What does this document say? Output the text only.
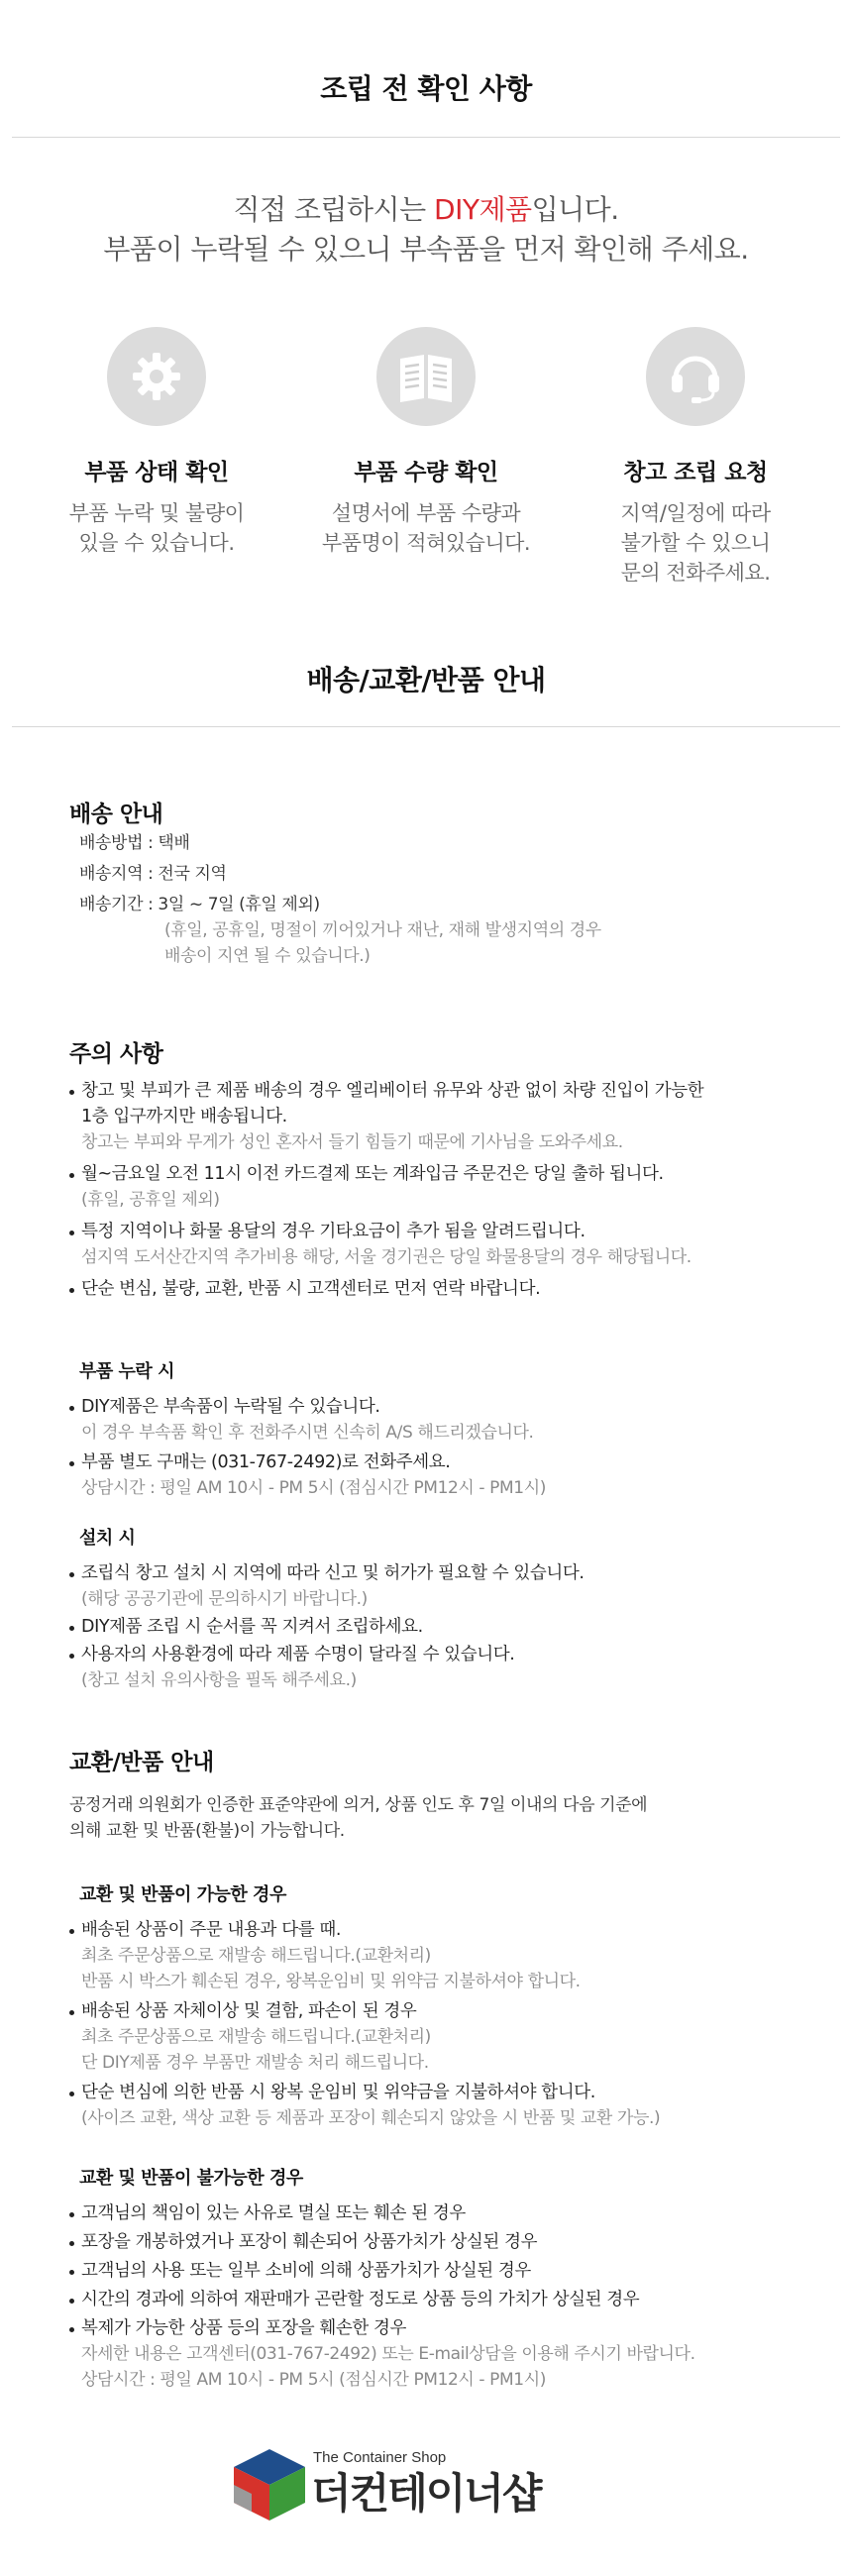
조립 전 확인 사항
직접 조립하시는 DIY제품입니다.
부품이 누락될 수 있으니 부속품을 먼저 확인해 주세요.
부품 상태 확인
부품 누락 및 불량이
있을 수 있습니다.
부품 수량 확인
설명서에 부품 수량과
부품명이 적혀있습니다.
창고 조립 요청
지역/일정에 따라
불가할 수 있으니
문의 전화주세요.
배송/교환/반품 안내
배송 안내
배송방법 : 택배
배송지역 : 전국 지역
배송기간 : 3일 ~ 7일 (휴일 제외)
(휴일, 공휴일, 명절이 끼어있거나 재난, 재해 발생지역의 경우
배송이 지연 될 수 있습니다.)
주의 사항
창고 및 부피가 큰 제품 배송의 경우 엘리베이터 유무와 상관 없이 차량 진입이 가능한
1층 입구까지만 배송됩니다.
창고는 부피와 무게가 성인 혼자서 들기 힘들기 때문에 기사님을 도와주세요.
월~금요일 오전 11시 이전 카드결제 또는 계좌입금 주문건은 당일 출하 됩니다.
(휴일, 공휴일 제외)
특정 지역이나 화물 용달의 경우 기타요금이 추가 됨을 알려드립니다.
섬지역 도서산간지역 추가비용 해당, 서울 경기권은 당일 화물용달의 경우 해당됩니다.
단순 변심, 불량, 교환, 반품 시 고객센터로 먼저 연락 바랍니다.
부품 누락 시
DIY제품은 부속품이 누락될 수 있습니다.
이 경우 부속품 확인 후 전화주시면 신속히 A/S 해드리겠습니다.
부품 별도 구매는 (031-767-2492)로 전화주세요.
상담시간 : 평일 AM 10시 - PM 5시 (점심시간 PM12시 - PM1시)
설치 시
조립식 창고 설치 시 지역에 따라 신고 및 허가가 필요할 수 있습니다.
(해당 공공기관에 문의하시기 바랍니다.)
DIY제품 조립 시 순서를 꼭 지켜서 조립하세요.
사용자의 사용환경에 따라 제품 수명이 달라질 수 있습니다.
(창고 설치 유의사항을 필독 해주세요.)
교환/반품 안내
공정거래 의원회가 인증한 표준약관에 의거, 상품 인도 후 7일 이내의 다음 기준에
의해 교환 및 반품(환불)이 가능합니다.
교환 및 반품이 가능한 경우
배송된 상품이 주문 내용과 다를 때.
최초 주문상품으로 재발송 해드립니다.(교환처리)
반품 시 박스가 훼손된 경우, 왕복운임비 및 위약금 지불하셔야 합니다.
배송된 상품 자체이상 및 결함, 파손이 된 경우
최초 주문상품으로 재발송 해드립니다.(교환처리)
단 DIY제품 경우 부품만 재발송 처리 해드립니다.
단순 변심에 의한 반품 시 왕복 운임비 및 위약금을 지불하셔야 합니다.
(사이즈 교환, 색상 교환 등 제품과 포장이 훼손되지 않았을 시 반품 및 교환 가능.)
교환 및 반품이 불가능한 경우
고객님의 책임이 있는 사유로 멸실 또는 훼손 된 경우
포장을 개봉하였거나 포장이 훼손되어 상품가치가 상실된 경우
고객님의 사용 또는 일부 소비에 의해 상품가치가 상실된 경우
시간의 경과에 의하여 재판매가 곤란할 정도로 상품 등의 가치가 상실된 경우
복제가 가능한 상품 등의 포장을 훼손한 경우
자세한 내용은 고객센터(031-767-2492) 또는 E-mail상담을 이용해 주시기 바랍니다.
상담시간 : 평일 AM 10시 - PM 5시 (점심시간 PM12시 - PM1시)
The Container Shop
더컨테이너샵
